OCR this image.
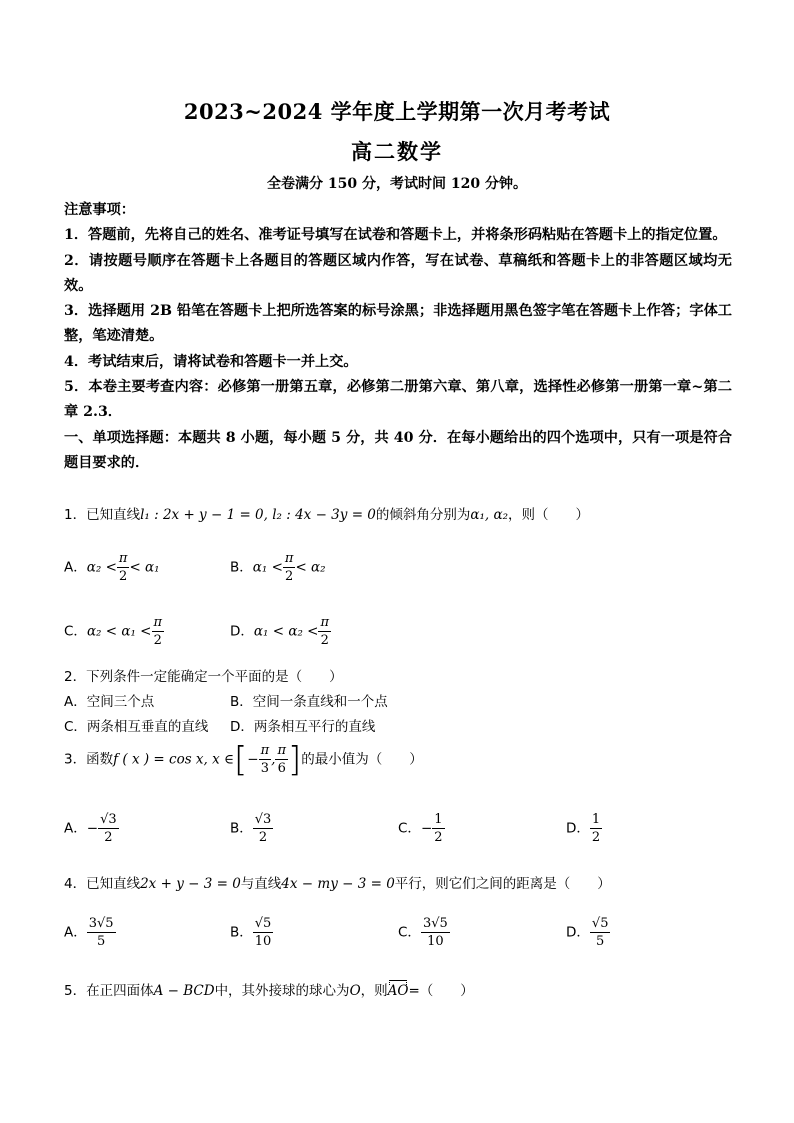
2023~2024 学年度上学期第一次月考考试
高二数学
全卷满分 150 分，考试时间 120 分钟。

注意事项：

1．答题前，先将自己的姓名、准考证号填写在试卷和答题卡上，并将条形码粘贴在答题卡上的指定位置。

2．请按题号顺序在答题卡上各题目的答题区域内作答，写在试卷、草稿纸和答题卡上的非答题区域均无效。

3．选择题用 2B 铅笔在答题卡上把所选答案的标号涂黑；非选择题用黑色签字笔在答题卡上作答；字体工整，笔迹清楚。

4．考试结束后，请将试卷和答题卡一并上交。

5．本卷主要考查内容：必修第一册第五章，必修第二册第六章、第八章，选择性必修第一册第一章~第二章 2.3．

一、单项选择题：本题共 8 小题，每小题 5 分，共 40 分．在每小题给出的四个选项中，只有一项是符合题目要求的．

1．已知直线l₁ : 2x + y − 1 = 0, l₂ : 4x − 3y = 0的倾斜角分别为α₁, α₂，则（　　）
A．$\alpha_2 < \frac{\pi}{2} < \alpha_1$	B．$\alpha_1 < \frac{\pi}{2} < \alpha_2$
C．$\alpha_2 < \alpha_1 < \frac{\pi}{2}$	D．$\alpha_1 < \alpha_2 < \frac{\pi}{2}$
2．下列条件一定能确定一个平面的是（　　）
A．空间三个点	B．空间一条直线和一个点
C．两条相互垂直的直线 D．两条相互平行的直线
3．函数f ( x ) = cos x, x ∈[− $\frac{\pi}{3}$ , $\frac{\pi}{6}$ ]的最小值为（　　）
A．− $\frac{√3}{2}$	B． $\frac{√3}{2}$	C．− $\frac{1}{2}$	D． $\frac{1}{2}$
4．已知直线2x + y − 3 = 0与直线4x − my − 3 = 0平行，则它们之间的距离是（　　）
A． $\frac{3√5}{5}$	B． $\frac{√5}{10}$	C． $\frac{3√5}{10}$	D． $\frac{√5}{5}$
5．在正四面体A − BCD中，其外接球的球心为O，则AO=（　　）
